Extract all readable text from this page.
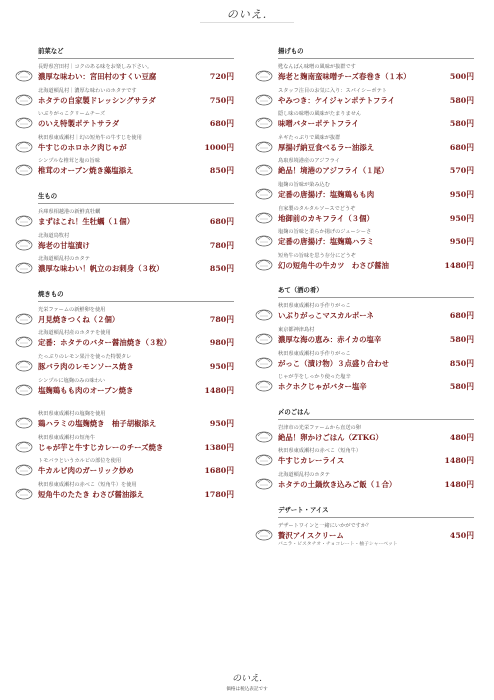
のいえ.
前菜など
長野県宮田村｜コクのある味をお楽しみ下さい。
濃厚な味わい：宮田村のすくい豆腐	720円
北海道頓乱村｜濃厚な味わいのホタテです
ホタテの自家製ドレッシングサラダ	750円
いぶりがっこクリームチーズ
のいえ特製ポテトサラダ	680円
秋田県東成瀬村｜幻の短角牛の牛すじを使用
牛すじのホロホク肉じゃが	1000円
シンプルな椎茸と塩の旨味
椎茸のオーブン焼き藻塩添え	850円
生もの
兵庫県相越港の新鮮真牡蠣
まずはこれ！生牡蠣（１個）	680円
北海道鳥牧村
海老の甘塩漬け	780円
北海道頓乱村のホタテ
濃厚な味わい！帆立のお刺身（３枚）	850円
焼きもの
光栄ファームの新鮮卵を使用
月見焼きつくね（２個）	780円
北海道頓乱村産のホタテを使用
定番：ホタテのバター醤油焼き（３粒）	980円
たっぷりのレモン果汁を使った特製タレ
豚バラ肉のレモンソース焼き	950円
シンプルに塩麹のみの味わい
塩麹鶏もも肉のオーブン焼き	1480円
秋田県東成瀬村の塩麹を使用
鶏ハラミの塩麹焼き　柚子胡椒添え	950円
秋田県東成瀬村の短角牛
じゃが芋と牛すじカレーのチーズ焼き	1380円
トモバラというカルビの部位を使用
牛カルビ肉のガーリック炒め	1680円
秋田県東成瀬村の赤べこ（短角牛）を使用
短角牛のたたき わさび醤油添え	1780円
揚げもの
甦なんばん味噌の風味が抜群です
海老と麹南蛮味噌チーズ春巻き（１本）	500円
スタッフ注目のお気に入り：スパイシーポテト
やみつき：ケイジャンポテトフライ	580円
隠し味の味噌の風味がたまりません
味噌バターポテトフライ	580円
ネギたっぷりで風味が抜群
厚揚げ納豆食べるラー油添え	680円
鳥取県境港産のアジフライ
絶品！境港のアジフライ（１尾）	570円
塩麹の旨味が染み込む
定番の唐揚げ：塩麹鶏もも肉	950円
自家製のタルタルソースでどうぞ
地御前のカキフライ（３個）	950円
塩麹の旨味と柔らか揚げのジューシーさ
定番の唐揚げ：塩麹鶏ハラミ	950円
短角牛の旨味を思う存分にどうぞ
幻の短角牛の牛カツ　わさび醤油	1480円
あて（酒の肴）
秋田県東成瀬村の手作りがっこ
いぶりがっこマスカルポーネ	680円
東京都神津島村
濃厚な海の恵み：赤イカの塩辛	580円
秋田県東成瀬村の手作りがっこ
がっこ（漬け物）３点盛り合わせ	850円
じゃが芋をしっかり使った塩辛
ホクホクじゃがバター塩辛	580円
〆のごはん
岩津市の光栄ファームから直送の卵
絶品！卵かけごはん（ZTKG）	480円
秋田県東成瀬村の赤べこ（短角牛）
牛すじカレーライス	1480円
北海道頓乱村のホタテ
ホタテの土鍋炊き込みご飯（１合）	1480円
デザート・アイス
デザートワインと一緒にいかがですか？
贅沢アイスクリーム	450円
バニラ・ピスタチオ・チョコレート・柚子シャーベット
のいえ.
価格は税込表記です
